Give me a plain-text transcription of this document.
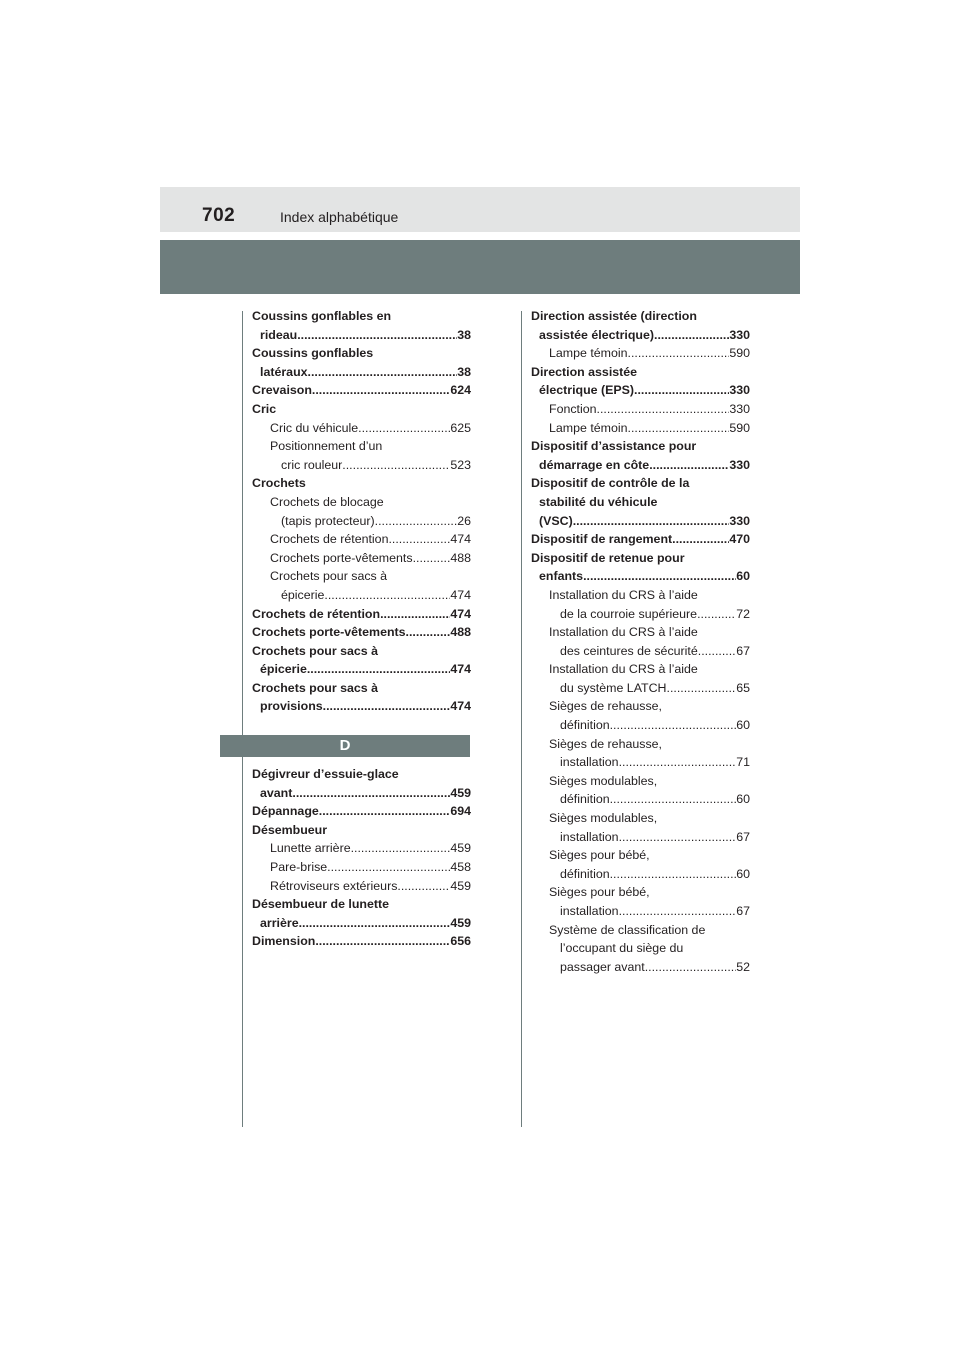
702	Index alphabétique
Coussins gonflables en
rideau .....	38
Coussins gonflables
latéraux .....	38
Crevaison .....	624
Cric
Cric du véhicule .....	625
Positionnement d’un
cric rouleur .....	523
Crochets
Crochets de blocage
(tapis protecteur) .....	26
Crochets de rétention .....	474
Crochets porte-vêtements .....	488
Crochets pour sacs à
épicerie .....	474
Crochets de rétention .....	474
Crochets porte-vêtements .....	488
Crochets pour sacs à
épicerie. .....	474
Crochets pour sacs à
provisions .....	474
D
Dégivreur d’essuie-glace
avant .....	459
Dépannage .....	694
Désembueur
Lunette arrière .....	459
Pare-brise .....	458
Rétroviseurs extérieurs .....	459
Désembueur de lunette
arrière .....	459
Dimension .....	656
Direction assistée (direction
assistée électrique) .....	330
Lampe témoin .....	590
Direction assistée
électrique (EPS) .....	330
Fonction .....	330
Lampe témoin .....	590
Dispositif d’assistance pour
démarrage en côte .....	330
Dispositif de contrôle de la
stabilité du véhicule
(VSC) .....	330
Dispositif de rangement .....	470
Dispositif de retenue pour
enfants .....	60
Installation du CRS à l’aide
de la courroie supérieure .....	72
Installation du CRS à l’aide
des ceintures de sécurité .....	67
Installation du CRS à l’aide
du système LATCH .....	65
Sièges de rehausse,
définition .....	60
Sièges de rehausse,
installation .....	71
Sièges modulables,
définition .....	60
Sièges modulables,
installation .....	67
Sièges pour bébé,
définition .....	60
Sièges pour bébé,
installation .....	67
Système de classification de
l’occupant du siège du
passager avant. .....	52
